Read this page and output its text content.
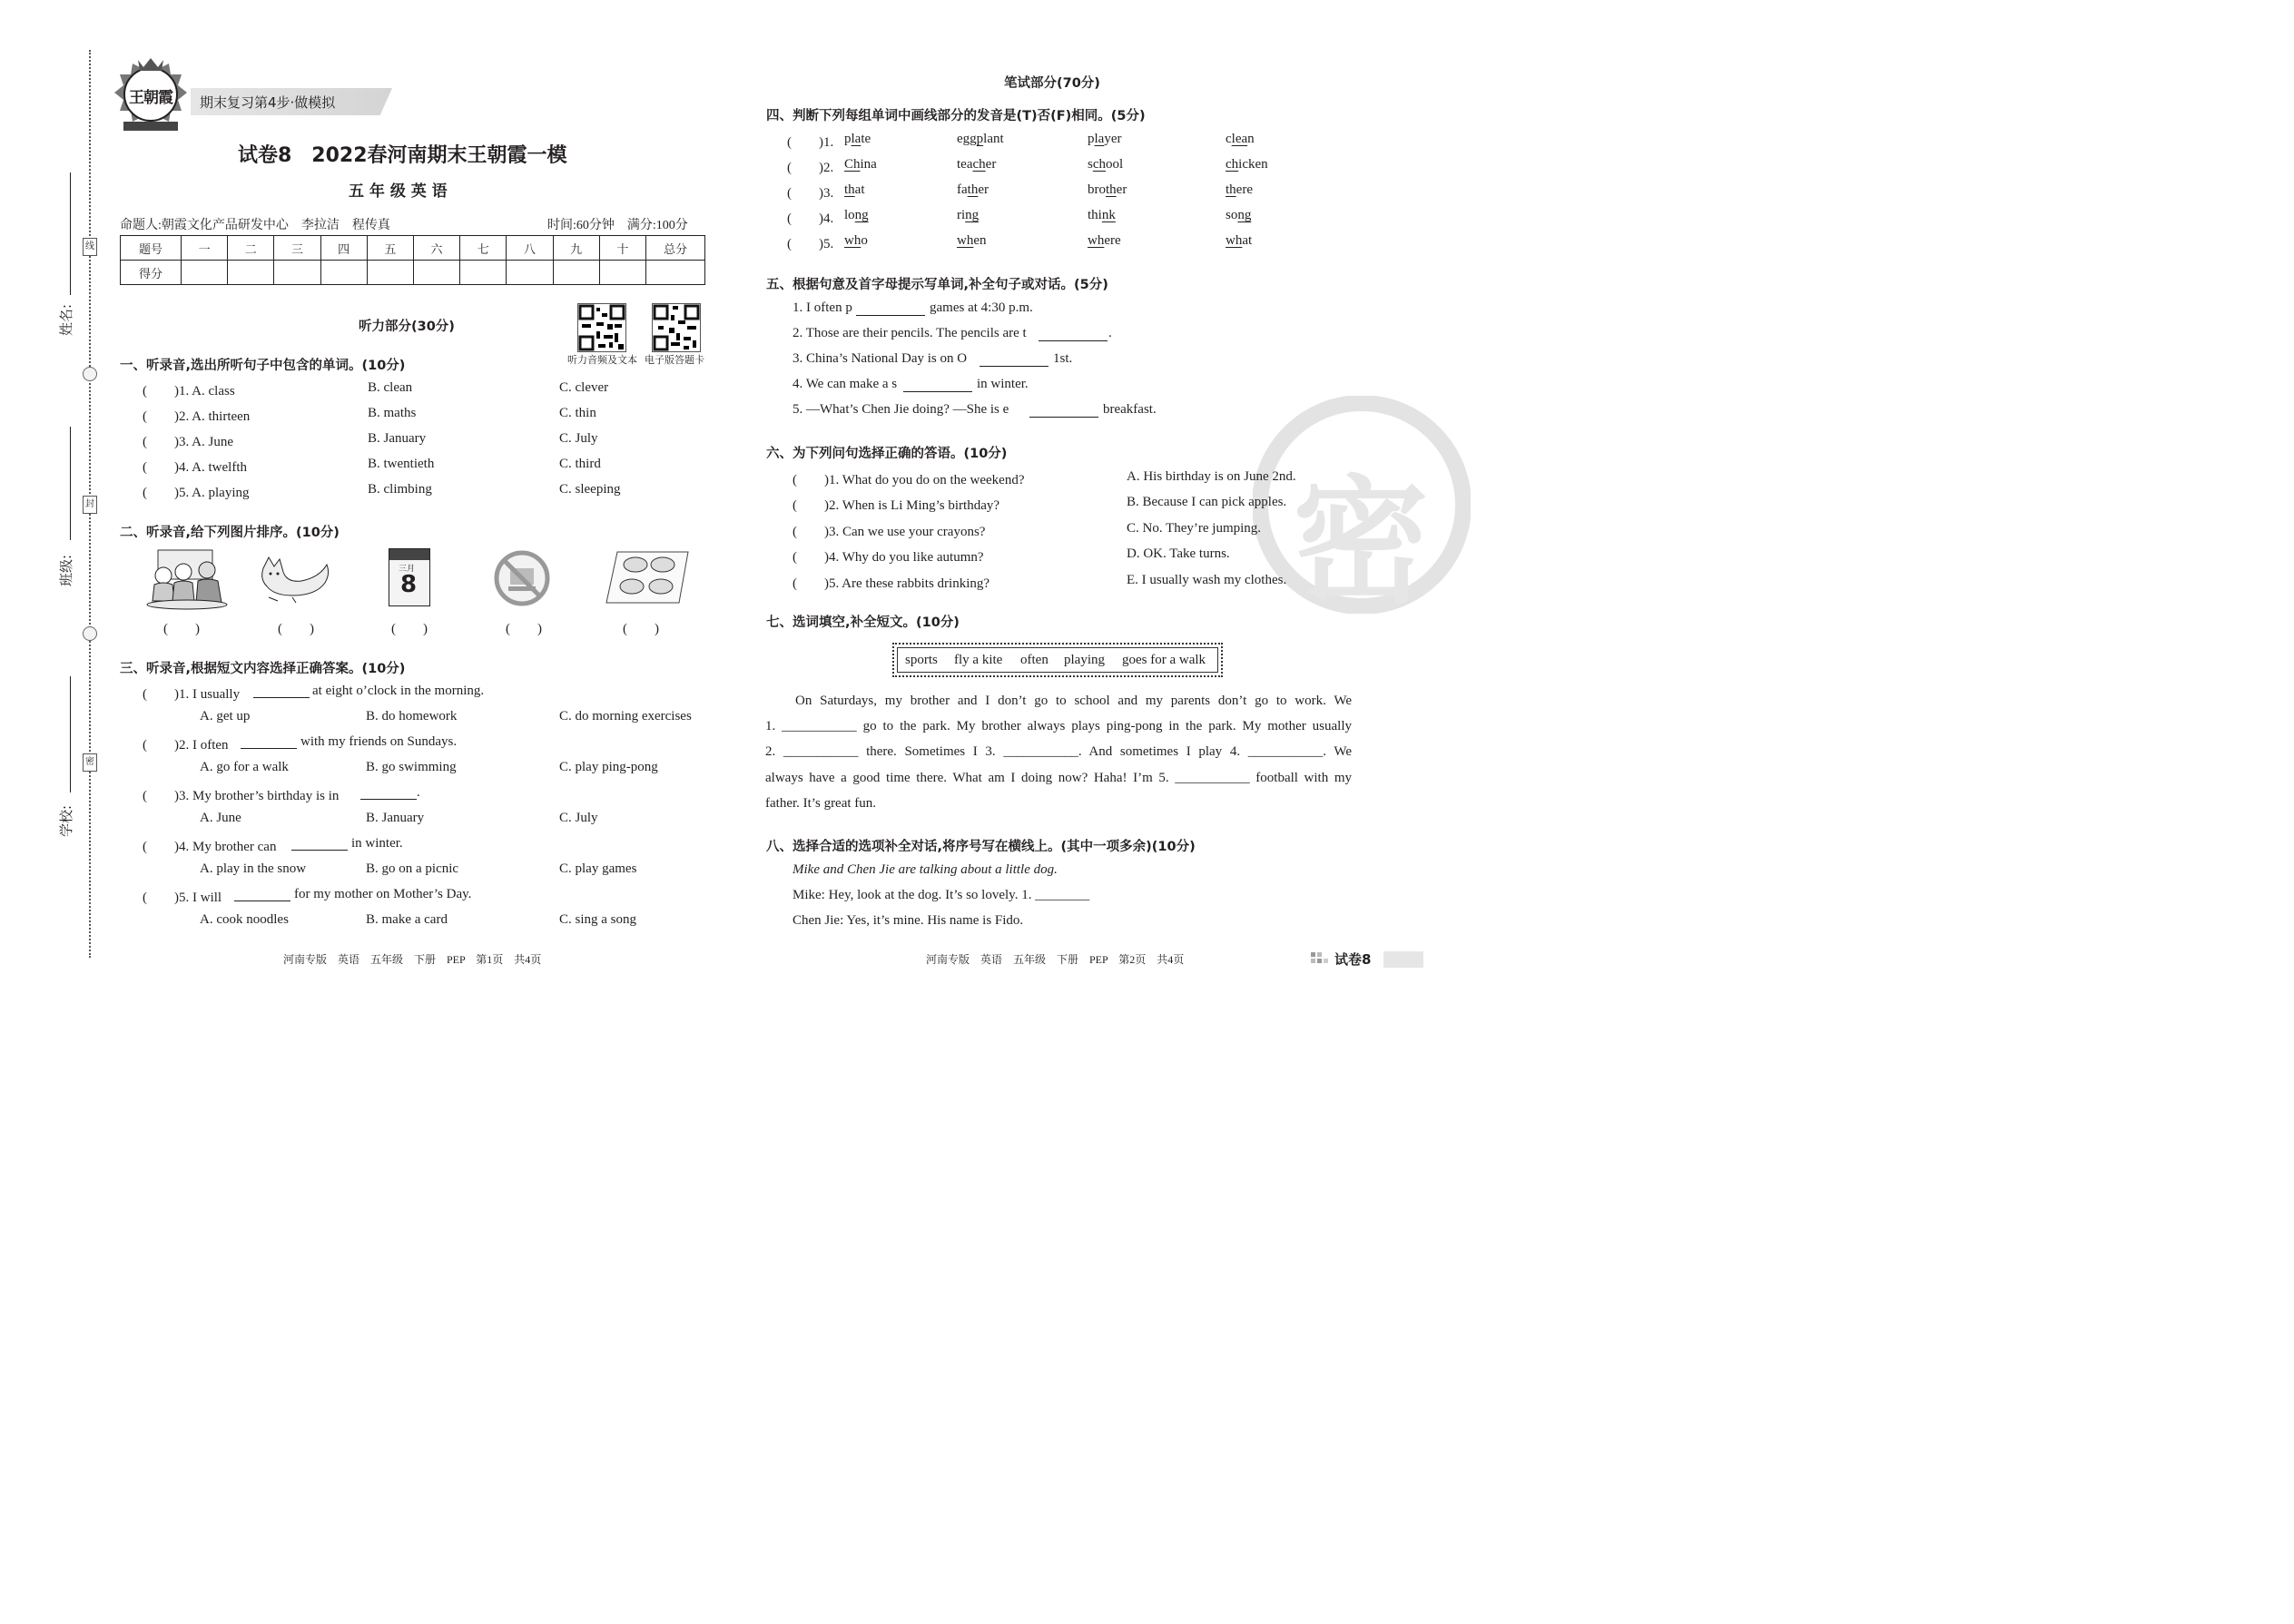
线
封
密
姓名:
班级:
学校:
王朝霞 期末复习第4步·做模拟
试卷8　2022春河南期末王朝霞一模
五 年 级 英 语
命题人:朝霞文化产品研发中心　李拉洁　程传真	时间:60分钟　满分:100分
题号	一	二	三	四	五	六	七	八	九	十	总分
得分											
听力音频及文本 电子版答题卡
听力部分(30分)
一、听录音,选出所听句子中包含的单词。(10分)
(　　)1. A. class	B. clean	C. clever
(　　)2. A. thirteen	B. maths	C. thin
(　　)3. A. June	B. January	C. July
(　　)4. A. twelfth	B. twentieth	C. third
(　　)5. A. playing	B. climbing	C. sleeping
二、听录音,给下列图片排序。(10分)
三月
8
(　　)	(　　)	(　　)	(　　)	(　　)
三、听录音,根据短文内容选择正确答案。(10分)
(　　)1. I usually	at eight o’clock in the morning.
A. get up	B. do homework	C. do morning exercises
(　　)2. I often	with my friends on Sundays.
A. go for a walk	B. go swimming	C. play ping-pong
(　　)3. My brother’s birthday is in	.
A. June	B. January	C. July
(　　)4. My brother can	in winter.
A. play in the snow	B. go on a picnic	C. play games
(　　)5. I will	for my mother on Mother’s Day.
A. cook noodles	B. make a card	C. sing a song
河南专版　英语　五年级　下册　PEP　第1页　共4页
密
笔试部分(70分)
四、判断下列每组单词中画线部分的发音是(T)否(F)相同。(5分)
(　　)1. plate	eggplant	player	clean
(　　)2. China	teacher	school	chicken
(　　)3. that	father	brother	there
(　　)4. long	ring	think	song
(　　)5. who	when	where	what
五、根据句意及首字母提示写单词,补全句子或对话。(5分)
1. I often p	games at 4:30 p.m.
2. Those are their pencils. The pencils are t	.
3. China’s National Day is on O	1st.
4. We can make a s	in winter.
5. —What’s Chen Jie doing? —She is e	breakfast.
六、为下列问句选择正确的答语。(10分)
(　　)1. What do you do on the weekend?	A. His birthday is on June 2nd.
(　　)2. When is Li Ming’s birthday?	B. Because I can pick apples.
(　　)3. Can we use your crayons?	C. No. They’re jumping.
(　　)4. Why do you like autumn?	D. OK. Take turns.
(　　)5. Are these rabbits drinking?	E. I usually wash my clothes.
七、选词填空,补全短文。(10分)
sports fly a kite often playing goes for a walk
On Saturdays, my brother and I don’t go to school and my parents don’t go to work. We
1. ___________ go to the park. My brother always plays ping-pong in the park. My mother usually
2. ___________ there. Sometimes I 3. ___________. And sometimes I play 4. ___________. We
always have a good time there. What am I doing now? Haha! I’m 5. ___________ football with my
father. It’s great fun.
八、选择合适的选项补全对话,将序号写在横线上。(其中一项多余)(10分)
Mike and Chen Jie are talking about a little dog.
Mike: Hey, look at the dog. It’s so lovely. 1. ________
Chen Jie: Yes, it’s mine. His name is Fido.
河南专版　英语　五年级　下册　PEP　第2页　共4页	试卷8
